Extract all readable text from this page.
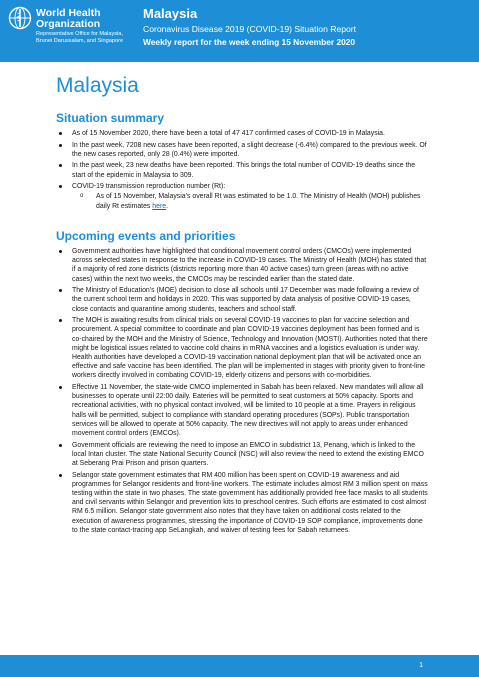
World Health Organization
Representative Office for Malaysia, Brunei Darussalam, and Singapore
Malaysia
Coronavirus Disease 2019 (COVID-19) Situation Report
Weekly report for the week ending 15 November 2020
Malaysia
Situation summary
As of 15 November 2020, there have been a total of 47 417 confirmed cases of COVID-19 in Malaysia.
In the past week, 7208 new cases have been reported, a slight decrease (-6.4%) compared to the previous week. Of the new cases reported, only 28 (0.4%) were imported.
In the past week, 23 new deaths have been reported. This brings the total number of COVID-19 deaths since the start of the epidemic in Malaysia to 309.
COVID-19 transmission reproduction number (Rt):
o As of 15 November, Malaysia’s overall Rt was estimated to be 1.0. The Ministry of Health (MOH) publishes daily Rt estimates here.
Upcoming events and priorities
Government authorities have highlighted that conditional movement control orders (CMCOs) were implemented across selected states in response to the increase in COVID-19 cases. The Ministry of Health (MOH) has stated that if a majority of red zone districts (districts reporting more than 40 active cases) turn green (areas with no active cases) within the next two weeks, the CMCOs may be rescinded earlier than the stated date.
The Ministry of Education’s (MOE) decision to close all schools until 17 December was made following a review of the current school term and holidays in 2020. This was supported by data analysis of positive COVID-19 cases, close contacts and quarantine among students, teachers and school staff.
The MOH is awaiting results from clinical trials on several COVID-19 vaccines to plan for vaccine selection and procurement. A special committee to coordinate and plan COVID-19 vaccines deployment has been formed and is co-chaired by the MOH and the Ministry of Science, Technology and Innovation (MOSTI). Authorities noted that there might be logistical issues related to vaccine cold chains in mRNA vaccines and a logistics evaluation is under way. Health authorities have developed a COVID-19 vaccination national deployment plan that will be activated once an effective and safe vaccine has been identified. The plan will be implemented in stages with priority given to front-line workers directly involved in combating COVID-19, elderly citizens and persons with co-morbidities.
Effective 11 November, the state-wide CMCO implemented in Sabah has been relaxed. New mandates will allow all businesses to operate until 22:00 daily. Eateries will be permitted to seat customers at 50% capacity. Sports and recreational activities, with no physical contact involved, will be limited to 10 people at a time. Prayers in religious halls will be permitted, subject to compliance with standard operating procedures (SOPs). Public transportation services will be allowed to operate at 50% capacity. The new directives will not apply to areas under enhanced movement control orders (EMCOs).
Government officials are reviewing the need to impose an EMCO in subdistrict 13, Penang, which is linked to the local Intan cluster. The state National Security Council (NSC) will also review the need to extend the existing EMCO at Seberang Prai Prison and prison quarters.
Selangor state government estimates that RM 400 million has been spent on COVID-19 awareness and aid programmes for Selangor residents and front-line workers. The estimate includes almost RM 3 million spent on mass testing within the state in two phases. The state government has additionally provided free face masks to all students and civil servants within Selangor and prevention kits to preschool centres. Such efforts are estimated to cost almost RM 6.5 million. Selangor state government also notes that they have taken on additional costs related to the execution of awareness programmes, stressing the importance of COVID-19 SOP compliance, improvements done to the state contact-tracing app SeLangkah, and waiver of testing fees for Sabah returnees.
1
